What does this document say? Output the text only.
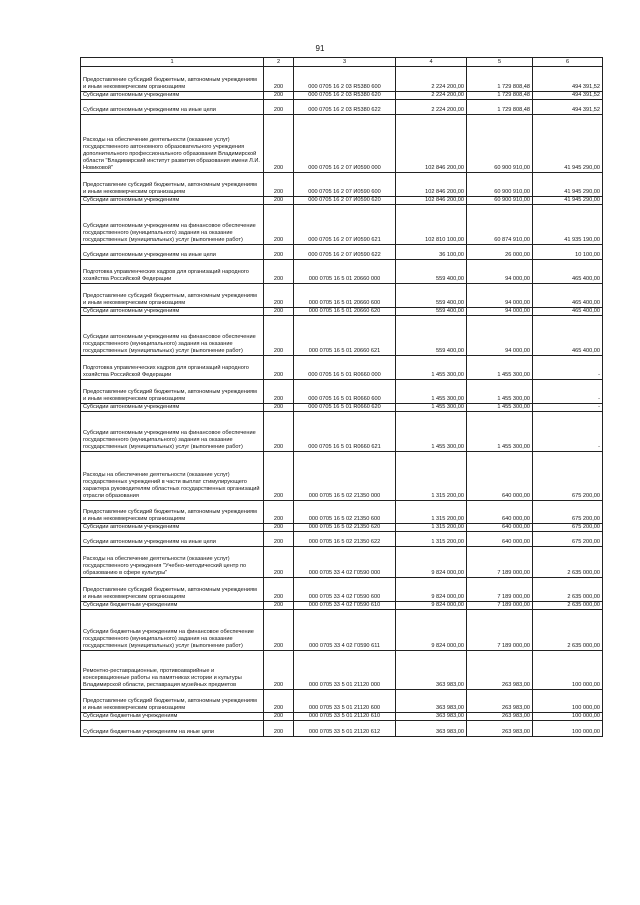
91
1	2	3	4	5	6
Предоставление субсидий бюджетным, автономным учреждениям и иным некоммерческим организациям	200	000 0705 16 2 03 R5380 600	2 224 200,00	1 729 808,48	494 391,52
Субсидии автономным учреждениям	200	000 0705 16 2 03 R5380 620	2 224 200,00	1 729 808,48	494 391,52
Субсидии автономным учреждениям на иные цели	200	000 0705 16 2 03 R5380 622	2 224 200,00	1 729 808,48	494 391,52
Расходы на обеспечение деятельности (оказание услуг) государственного автономного образовательного учреждения дополнительного профессионального образования Владимирской области "Владимирский институт развития образования имени Л.И. Новиковой"	200	000 0705 16 2 07 И0590 000	102 846 200,00	60 900 910,00	41 945 290,00
Предоставление субсидий бюджетным, автономным учреждениям и иным некоммерческим организациям	200	000 0705 16 2 07 И0590 600	102 846 200,00	60 900 910,00	41 945 290,00
Субсидии автономным учреждениям	200	000 0705 16 2 07 И0590 620	102 846 200,00	60 900 910,00	41 945 290,00
Субсидии автономным учреждениям на финансовое обеспечение государственного (муниципального) задания на оказание государственных (муниципальных) услуг (выполнение работ)	200	000 0705 16 2 07 И0590 621	102 810 100,00	60 874 910,00	41 935 190,00
Субсидии автономным учреждениям на иные цели	200	000 0705 16 2 07 И0590 622	36 100,00	26 000,00	10 100,00
Подготовка управленческих кадров для организаций народного хозяйства Российской Федерации	200	000 0705 16 5 01 20660 000	559 400,00	94 000,00	465 400,00
Предоставление субсидий бюджетным, автономным учреждениям и иным некоммерческим организациям	200	000 0705 16 5 01 20660 600	559 400,00	94 000,00	465 400,00
Субсидии автономным учреждениям	200	000 0705 16 5 01 20660 620	559 400,00	94 000,00	465 400,00
Субсидии автономным учреждениям на финансовое обеспечение государственного (муниципального) задания на оказание государственных (муниципальных) услуг (выполнение работ)	200	000 0705 16 5 01 20660 621	559 400,00	94 000,00	465 400,00
Подготовка управленческих кадров для организаций народного хозяйства Российской Федерации	200	000 0705 16 5 01 R0660 000	1 455 300,00	1 455 300,00	-
Предоставление субсидий бюджетным, автономным учреждениям и иным некоммерческим организациям	200	000 0705 16 5 01 R0660 600	1 455 300,00	1 455 300,00	-
Субсидии автономным учреждениям	200	000 0705 16 5 01 R0660 620	1 455 300,00	1 455 300,00	-
Субсидии автономным учреждениям на финансовое обеспечение государственного (муниципального) задания на оказание государственных (муниципальных) услуг (выполнение работ)	200	000 0705 16 5 01 R0660 621	1 455 300,00	1 455 300,00	-
Расходы на обеспечение деятельности (оказание услуг) государственных учреждений в части выплат стимулирующего характера руководителям областных государственных организаций отрасли образования	200	000 0705 16 5 02 21350 000	1 315 200,00	640 000,00	675 200,00
Предоставление субсидий бюджетным, автономным учреждениям и иным некоммерческим организациям	200	000 0705 16 5 02 21350 600	1 315 200,00	640 000,00	675 200,00
Субсидии автономным учреждениям	200	000 0705 16 5 02 21350 620	1 315 200,00	640 000,00	675 200,00
Субсидии автономным учреждениям на иные цели	200	000 0705 16 5 02 21350 622	1 315 200,00	640 000,00	675 200,00
Расходы на обеспечение деятельности (оказание услуг) государственного учреждения "Учебно-методический центр по образованию в сфере культуры"	200	000 0705 33 4 02 Г0590 000	9 824 000,00	7 189 000,00	2 635 000,00
Предоставление субсидий бюджетным, автономным учреждениям и иным некоммерческим организациям	200	000 0705 33 4 02 Г0590 600	9 824 000,00	7 189 000,00	2 635 000,00
Субсидии бюджетным учреждениям	200	000 0705 33 4 02 Г0590 610	9 824 000,00	7 189 000,00	2 635 000,00
Субсидии бюджетным учреждениям на финансовое обеспечение государственного (муниципального) задания на оказание государственных (муниципальных) услуг (выполнение работ)	200	000 0705 33 4 02 Г0590 611	9 824 000,00	7 189 000,00	2 635 000,00
Ремонтно-реставрационные, противоаварийные и консервационные работы на памятниках истории и культуры Владимирской области, реставрация музейных предметов	200	000 0705 33 5 01 21120 000	363 983,00	263 983,00	100 000,00
Предоставление субсидий бюджетным, автономным учреждениям и иным некоммерческим организациям	200	000 0705 33 5 01 21120 600	363 983,00	263 983,00	100 000,00
Субсидии бюджетным учреждениям	200	000 0705 33 5 01 21120 610	363 983,00	263 983,00	100 000,00
Субсидии бюджетным учреждениям на иные цели	200	000 0705 33 5 01 21120 612	363 983,00	263 983,00	100 000,00
